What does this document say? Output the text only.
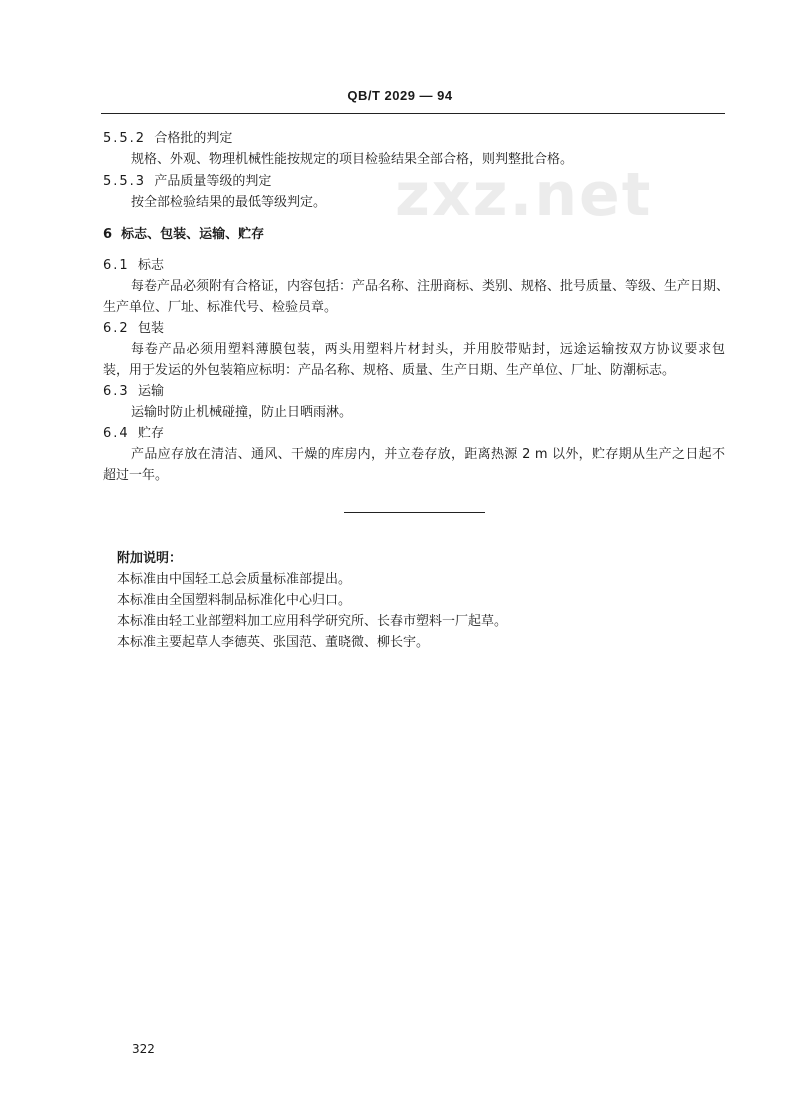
QB/T 2029 — 94
zxz.net
5.5.2 合格批的判定
规格、外观、物理机械性能按规定的项目检验结果全部合格，则判整批合格。
5.5.3 产品质量等级的判定
按全部检验结果的最低等级判定。
6 标志、包装、运输、贮存
6.1 标志
每卷产品必须附有合格证，内容包括：产品名称、注册商标、类别、规格、批号质量、等级、生产日期、
生产单位、厂址、标准代号、检验员章。
6.2 包装
每卷产品必须用塑料薄膜包装，两头用塑料片材封头，并用胶带贴封，远途运输按双方协议要求包
装，用于发运的外包装箱应标明：产品名称、规格、质量、生产日期、生产单位、厂址、防潮标志。
6.3 运输
运输时防止机械碰撞，防止日晒雨淋。
6.4 贮存
产品应存放在清洁、通风、干燥的库房内，并立卷存放，距离热源 2 m 以外，贮存期从生产之日起不
超过一年。
附加说明：
本标准由中国轻工总会质量标准部提出。
本标准由全国塑料制品标准化中心归口。
本标准由轻工业部塑料加工应用科学研究所、长春市塑料一厂起草。
本标准主要起草人李德英、张国范、董晓微、柳长宇。
322
